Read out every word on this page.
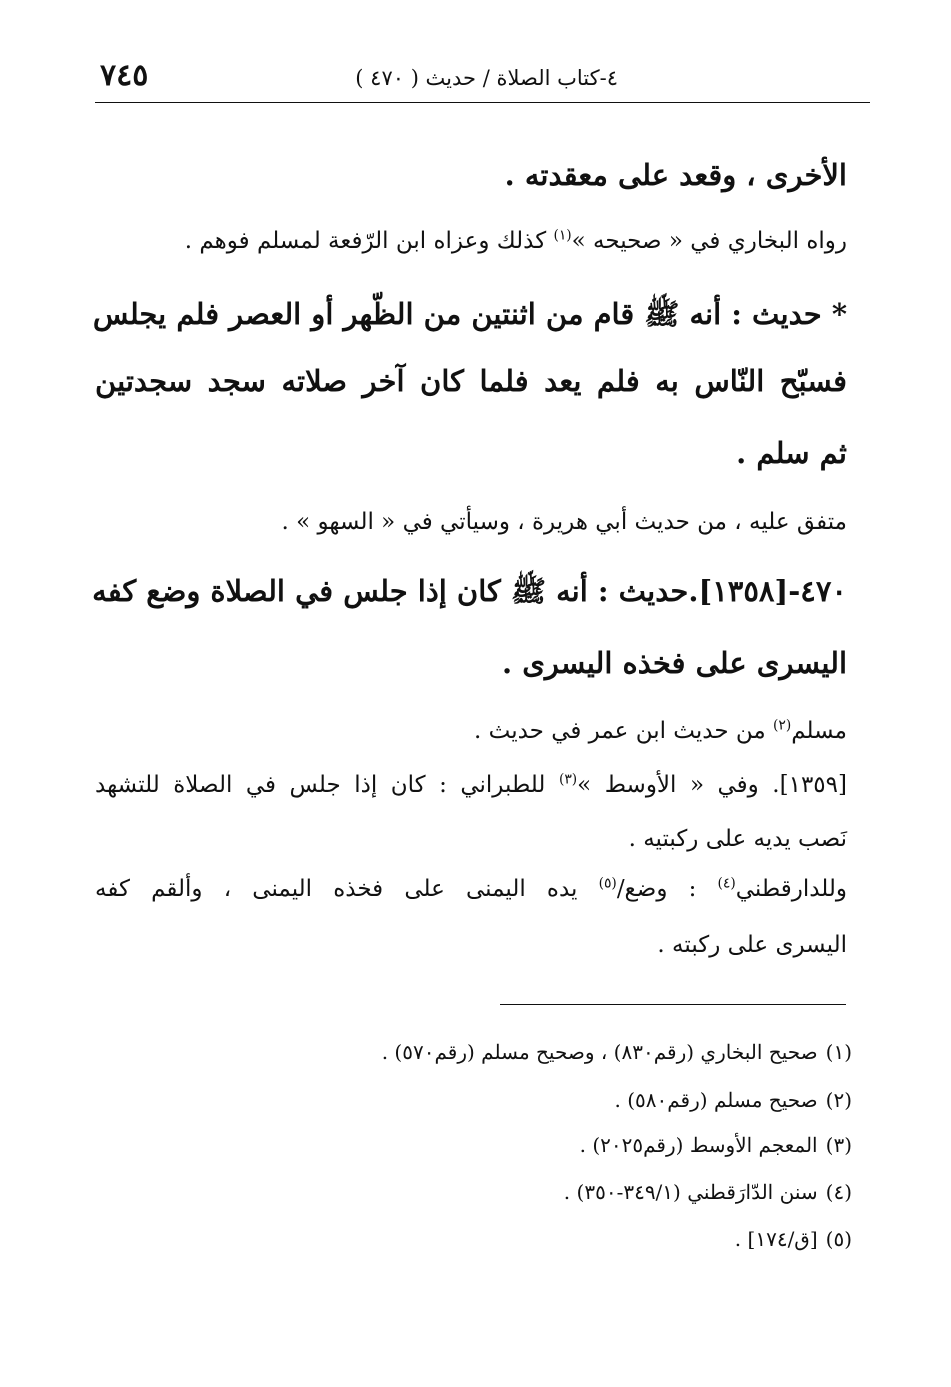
٧٤٥	٤-كتاب الصلاة / حديث ( ٤٧٠ )
الأخرى ، وقعد على معقدته .
رواه البخاري في « صحيحه »$^{(١)}$ كذلك وعزاه ابن الرّفعة لمسلم فوهم .
* حديث : أنه ﷺ قام من اثنتين من الظّهر أو العصر فلم يجلس
فسبّح النّاس به فلم يعد فلما كان آخر صلاته سجد سجدتين
ثم سلم .
متفق عليه ، من حديث أبي هريرة ، وسيأتي في « السهو » .
٤٧٠-[١٣٥٨].حديث : أنه ﷺ كان إذا جلس في الصلاة وضع كفه
اليسرى على فخذه اليسرى .
مسلم$^{(٢)}$ من حديث ابن عمر في حديث .
[١٣٥٩]. وفي « الأوسط »$^{(٣)}$ للطبراني : كان إذا جلس في الصلاة للتشهد
نَصب يديه على ركبتيه .
وللدارقطني$^{(٤)}$ : وضع/$^{(٥)}$ يده اليمنى على فخذه اليمنى ، وألقم كفه
اليسرى على ركبته .
(١)صحيح البخاري (رقم٨٣٠) ، وصحيح مسلم (رقم٥٧٠) .
(٢)صحيح مسلم (رقم٥٨٠) .
(٣)المعجم الأوسط (رقم٢٠٢٥) .
(٤)سنن الدّارَقطني (٣٤٩/١-٣٥٠) .
(٥)[ق/١٧٤] .
